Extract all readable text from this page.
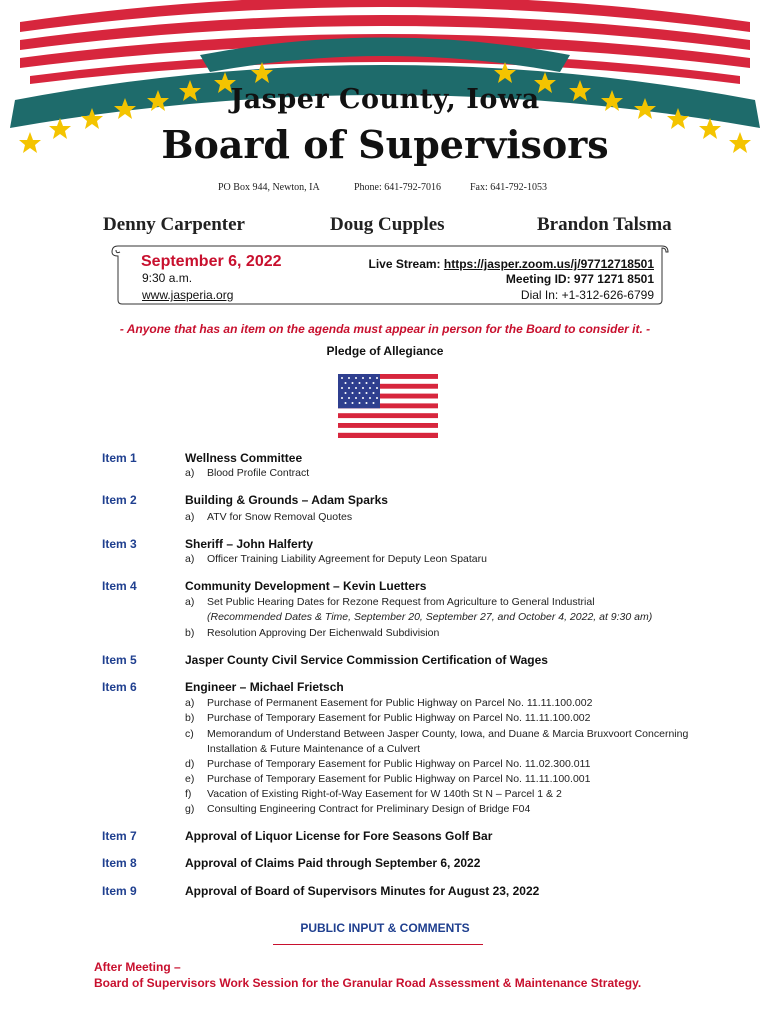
Jasper County, Iowa
Board of Supervisors
PO Box 944, Newton, IA	Phone: 641-792-7016	Fax: 641-792-1053
Denny Carpenter	Doug Cupples	Brandon Talsma
September 6, 2022
9:30 a.m.
www.jasperia.org
Live Stream: https://jasper.zoom.us/j/97712718501
Meeting ID: 977 1271 8501
Dial In: +1-312-626-6799
- Anyone that has an item on the agenda must appear in person for the Board to consider it. -
Pledge of Allegiance
Item 1	Wellness Committee
a) Blood Profile Contract
Item 2	Building & Grounds – Adam Sparks
a) ATV for Snow Removal Quotes
Item 3	Sheriff – John Halferty
a) Officer Training Liability Agreement for Deputy Leon Spataru
Item 4	Community Development – Kevin Luetters
a) Set Public Hearing Dates for Rezone Request from Agriculture to General Industrial
(Recommended Dates & Time, September 20, September 27, and October 4, 2022, at 9:30 am)
b) Resolution Approving Der Eichenwald Subdivision
Item 5	Jasper County Civil Service Commission Certification of Wages
Item 6	Engineer – Michael Frietsch
a) Purchase of Permanent Easement for Public Highway on Parcel No. 11.11.100.002
b) Purchase of Temporary Easement for Public Highway on Parcel No. 11.11.100.002
c) Memorandum of Understand Between Jasper County, Iowa, and Duane & Marcia Bruxvoort Concerning
Installation & Future Maintenance of a Culvert
d) Purchase of Temporary Easement for Public Highway on Parcel No. 11.02.300.011
e) Purchase of Temporary Easement for Public Highway on Parcel No. 11.11.100.001
f) Vacation of Existing Right-of-Way Easement for W 140th St N – Parcel 1 & 2
g) Consulting Engineering Contract for Preliminary Design of Bridge F04
Item 7	Approval of Liquor License for Fore Seasons Golf Bar
Item 8	Approval of Claims Paid through September 6, 2022
Item 9	Approval of Board of Supervisors Minutes for August 23, 2022
PUBLIC INPUT & COMMENTS
After Meeting –
Board of Supervisors Work Session for the Granular Road Assessment & Maintenance Strategy.
